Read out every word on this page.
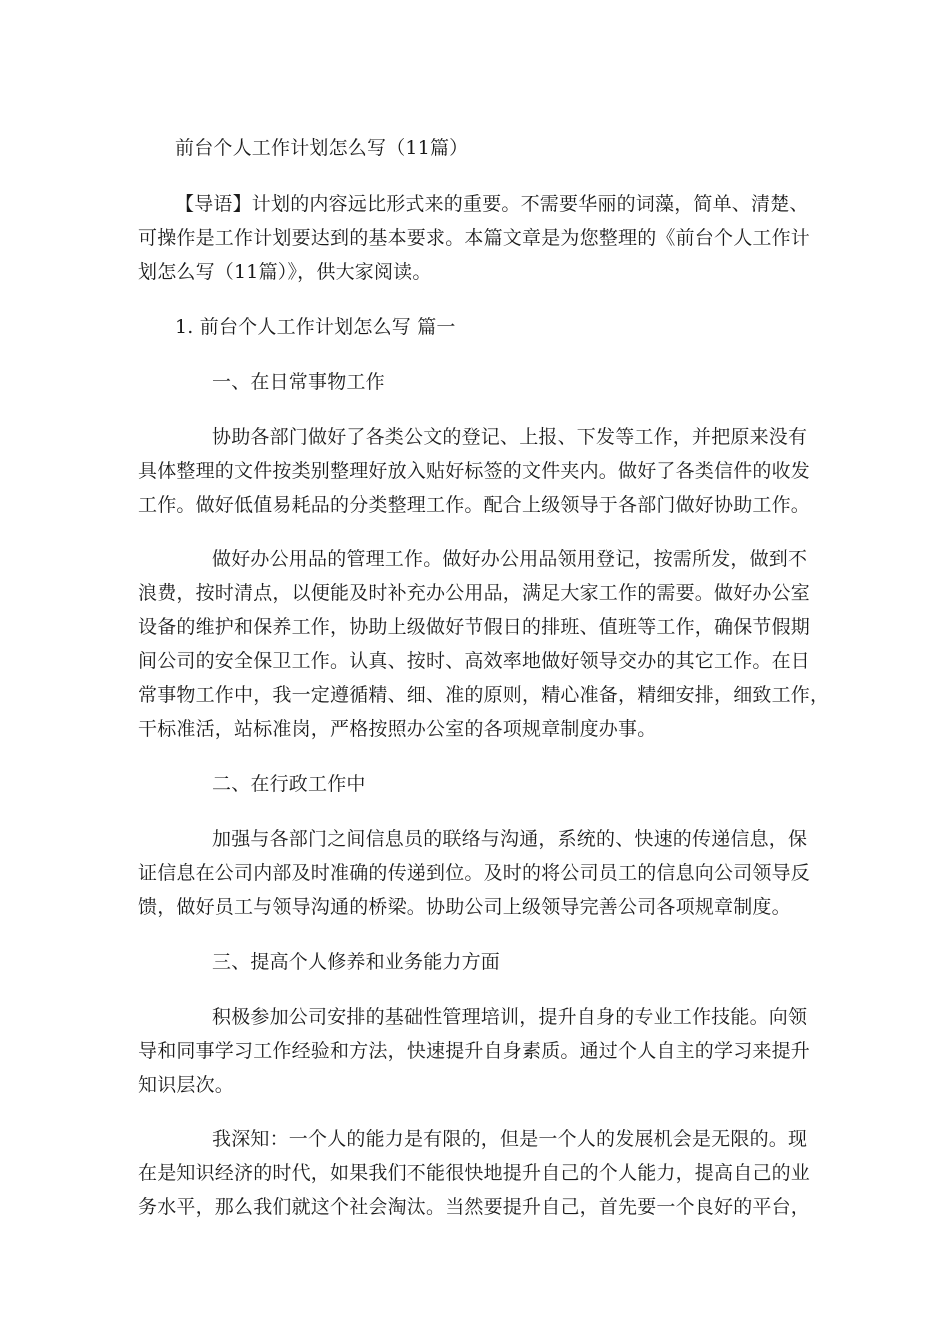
前台个人工作计划怎么写（11篇）
【导语】计划的内容远比形式来的重要。不需要华丽的词藻，简单、清楚、
可操作是工作计划要达到的基本要求。本篇文章是为您整理的《前台个人工作计
划怎么写（11篇）》，供大家阅读。
1. 前台个人工作计划怎么写 篇一
一、在日常事物工作
协助各部门做好了各类公文的登记、上报、下发等工作，并把原来没有
具体整理的文件按类别整理好放入贴好标签的文件夹内。做好了各类信件的收发
工作。做好低值易耗品的分类整理工作。配合上级领导于各部门做好协助工作。
做好办公用品的管理工作。做好办公用品领用登记，按需所发，做到不
浪费，按时清点，以便能及时补充办公用品，满足大家工作的需要。做好办公室
设备的维护和保养工作，协助上级做好节假日的排班、值班等工作，确保节假期
间公司的安全保卫工作。认真、按时、高效率地做好领导交办的其它工作。在日
常事物工作中，我一定遵循精、细、准的原则，精心准备，精细安排，细致工作，
干标准活，站标准岗，严格按照办公室的各项规章制度办事。
二、在行政工作中
加强与各部门之间信息员的联络与沟通，系统的、快速的传递信息，保
证信息在公司内部及时准确的传递到位。及时的将公司员工的信息向公司领导反
馈，做好员工与领导沟通的桥梁。协助公司上级领导完善公司各项规章制度。
三、提高个人修养和业务能力方面
积极参加公司安排的基础性管理培训，提升自身的专业工作技能。向领
导和同事学习工作经验和方法，快速提升自身素质。通过个人自主的学习来提升
知识层次。
我深知：一个人的能力是有限的，但是一个人的发展机会是无限的。现
在是知识经济的时代，如果我们不能很快地提升自己的个人能力，提高自己的业
务水平，那么我们就这个社会淘汰。当然要提升自己，首先要一个良好的平台，
